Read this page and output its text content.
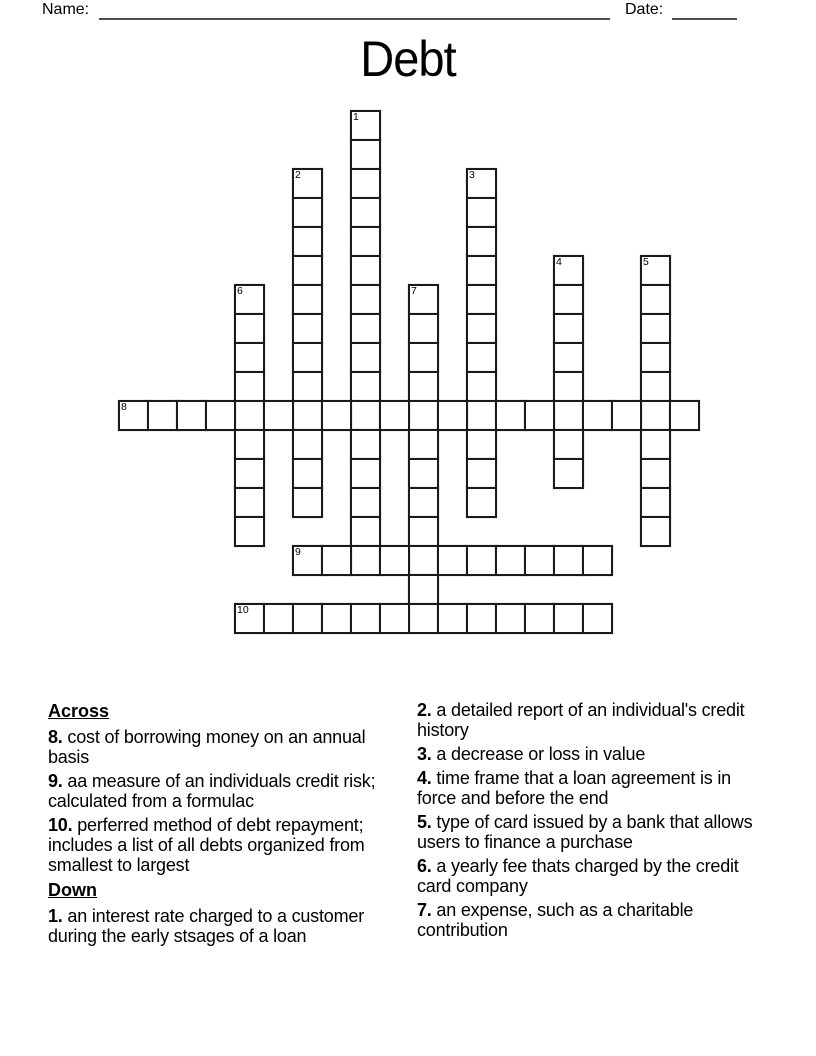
Name:	Date:
Debt
1
2	3
4	5
6	7
8
9
10
Across

8. cost of borrowing money on an annual basis

9. aa measure of an individuals credit risk; calculated from a formulac

10. perferred method of debt repayment; includes a list of all debts organized from smallest to largest

Down

1. an interest rate charged to a customer during the early stsages of a loan

2. a detailed report of an individual's credit history

3. a decrease or loss in value

4. time frame that a loan agreement is in force and before the end

5. type of card issued by a bank that allows users to finance a purchase

6. a yearly fee thats charged by the credit card company

7. an expense, such as a charitable contribution
